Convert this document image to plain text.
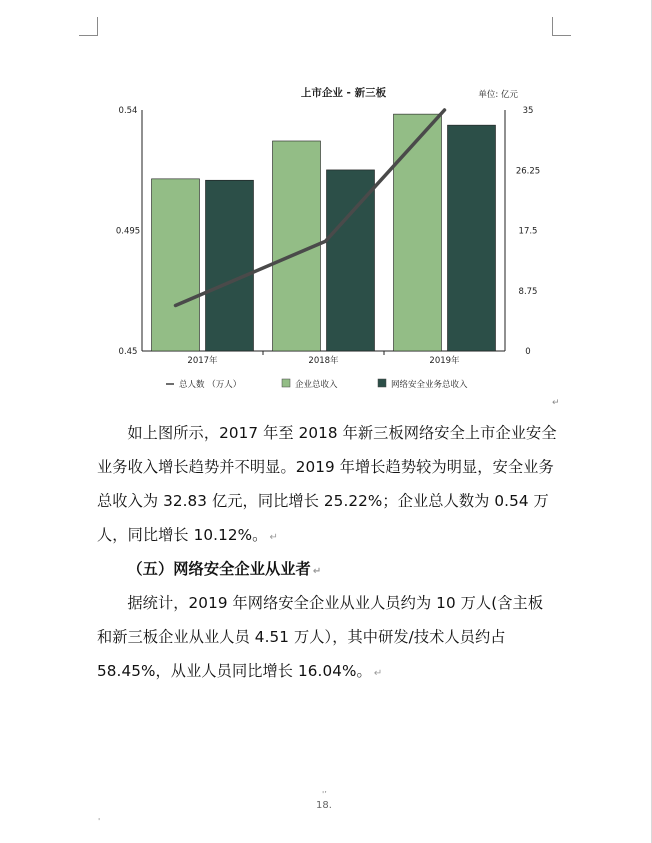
上市企业 - 新三板	单位: 亿元
0.54
0.495
0.45
35
26.25
17.5
8.75
0
2017年	2018年	2019年
总人数 （万人）	企业总收入	网络安全业务总收入
↵

如上图所示，2017 年至 2018 年新三板网络安全上市企业安全业务收入增长趋势并不明显。2019 年增长趋势较为明显，安全业务总收入为 32.83 亿元，同比增长 25.22%；企业总人数为 0.54 万人，同比增长 10.12%。 ↵

（五）网络安全企业从业者 ↵

据统计，2019 年网络安全企业从业人员约为 10 万人(含主板和新三板企业从业人员 4.51 万人），其中研发/技术人员约占 58.45%，从业人员同比增长 16.04%。 ↵

'’
18.
'
